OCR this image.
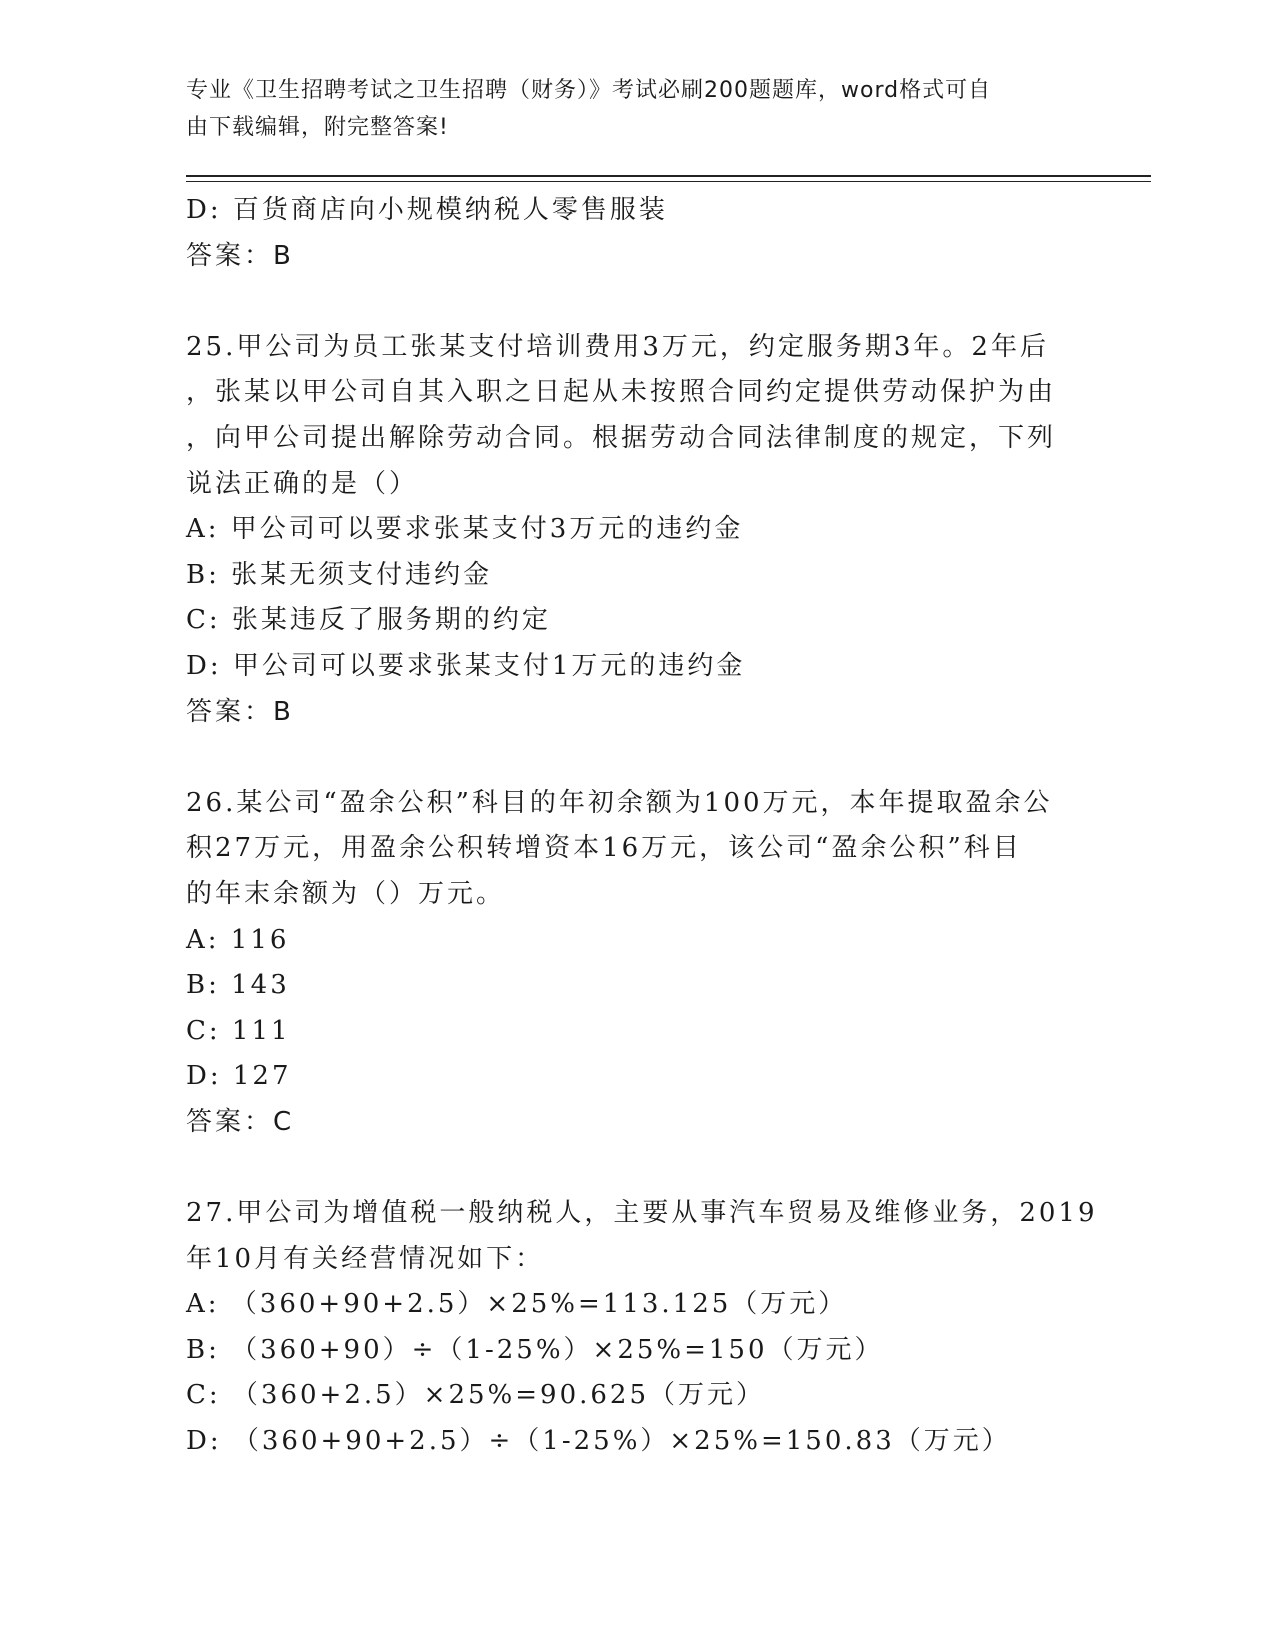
专业《卫生招聘考试之卫生招聘（财务）》考试必刷200题题库，word格式可自
由下载编辑，附完整答案!
D: 百货商店向小规模纳税人零售服装
答案：B
25.甲公司为员工张某支付培训费用3万元，约定服务期3年。2年后
，张某以甲公司自其入职之日起从未按照合同约定提供劳动保护为由
，向甲公司提出解除劳动合同。根据劳动合同法律制度的规定，下列
说法正确的是（）
A: 甲公司可以要求张某支付3万元的违约金
B: 张某无须支付违约金
C: 张某违反了服务期的约定
D: 甲公司可以要求张某支付1万元的违约金
答案：B
26.某公司“盈余公积”科目的年初余额为100万元，本年提取盈余公
积27万元，用盈余公积转增资本16万元，该公司“盈余公积”科目
的年末余额为（）万元。
A: 116
B: 143
C: 111
D: 127
答案：C
27.甲公司为增值税一般纳税人，主要从事汽车贸易及维修业务，2019
年10月有关经营情况如下：
A: （360+90+2.5）×25%=113.125（万元）
B: （360+90）÷（1-25%）×25%=150（万元）
C: （360+2.5）×25%=90.625（万元）
D: （360+90+2.5）÷（1-25%）×25%=150.83（万元）
